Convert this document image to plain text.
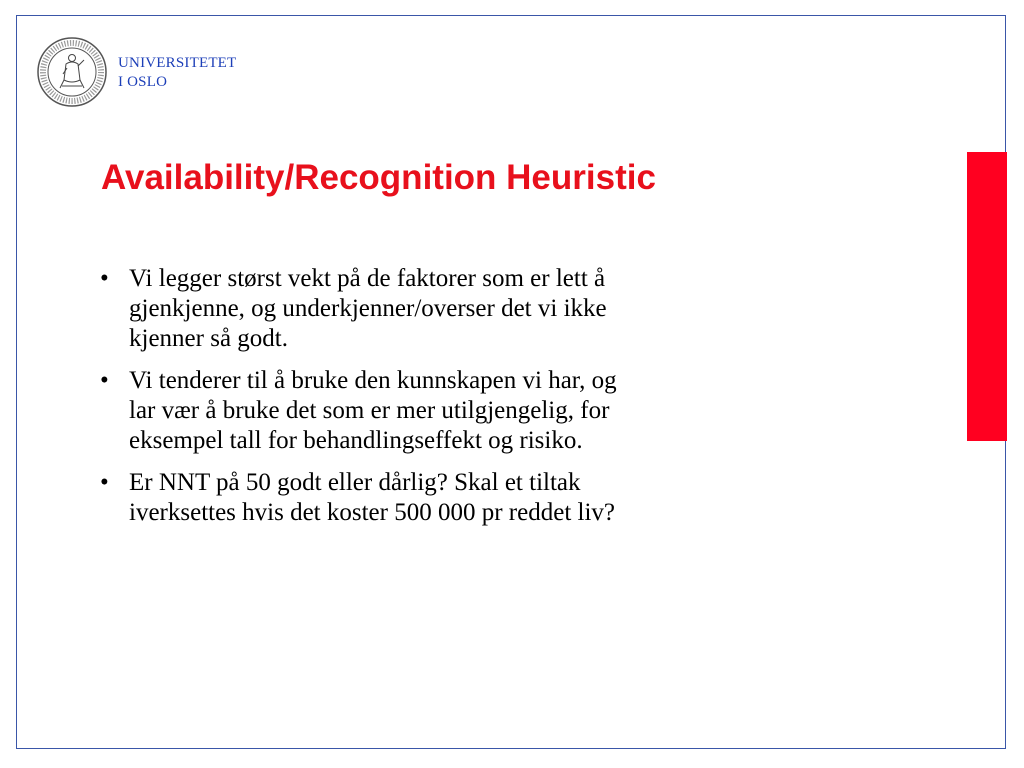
UNIVERSITETET
I OSLO
Availability/Recognition Heuristic
• Vi legger størst vekt på de faktorer som er lett å
gjenkjenne, og underkjenner/overser det vi ikke
kjenner så godt.
• Vi tenderer til å bruke den kunnskapen vi har, og
lar vær å bruke det som er mer utilgjengelig, for
eksempel tall for behandlingseffekt og risiko.
• Er NNT på 50 godt eller dårlig? Skal et tiltak
iverksettes hvis det koster 500 000 pr reddet liv?
